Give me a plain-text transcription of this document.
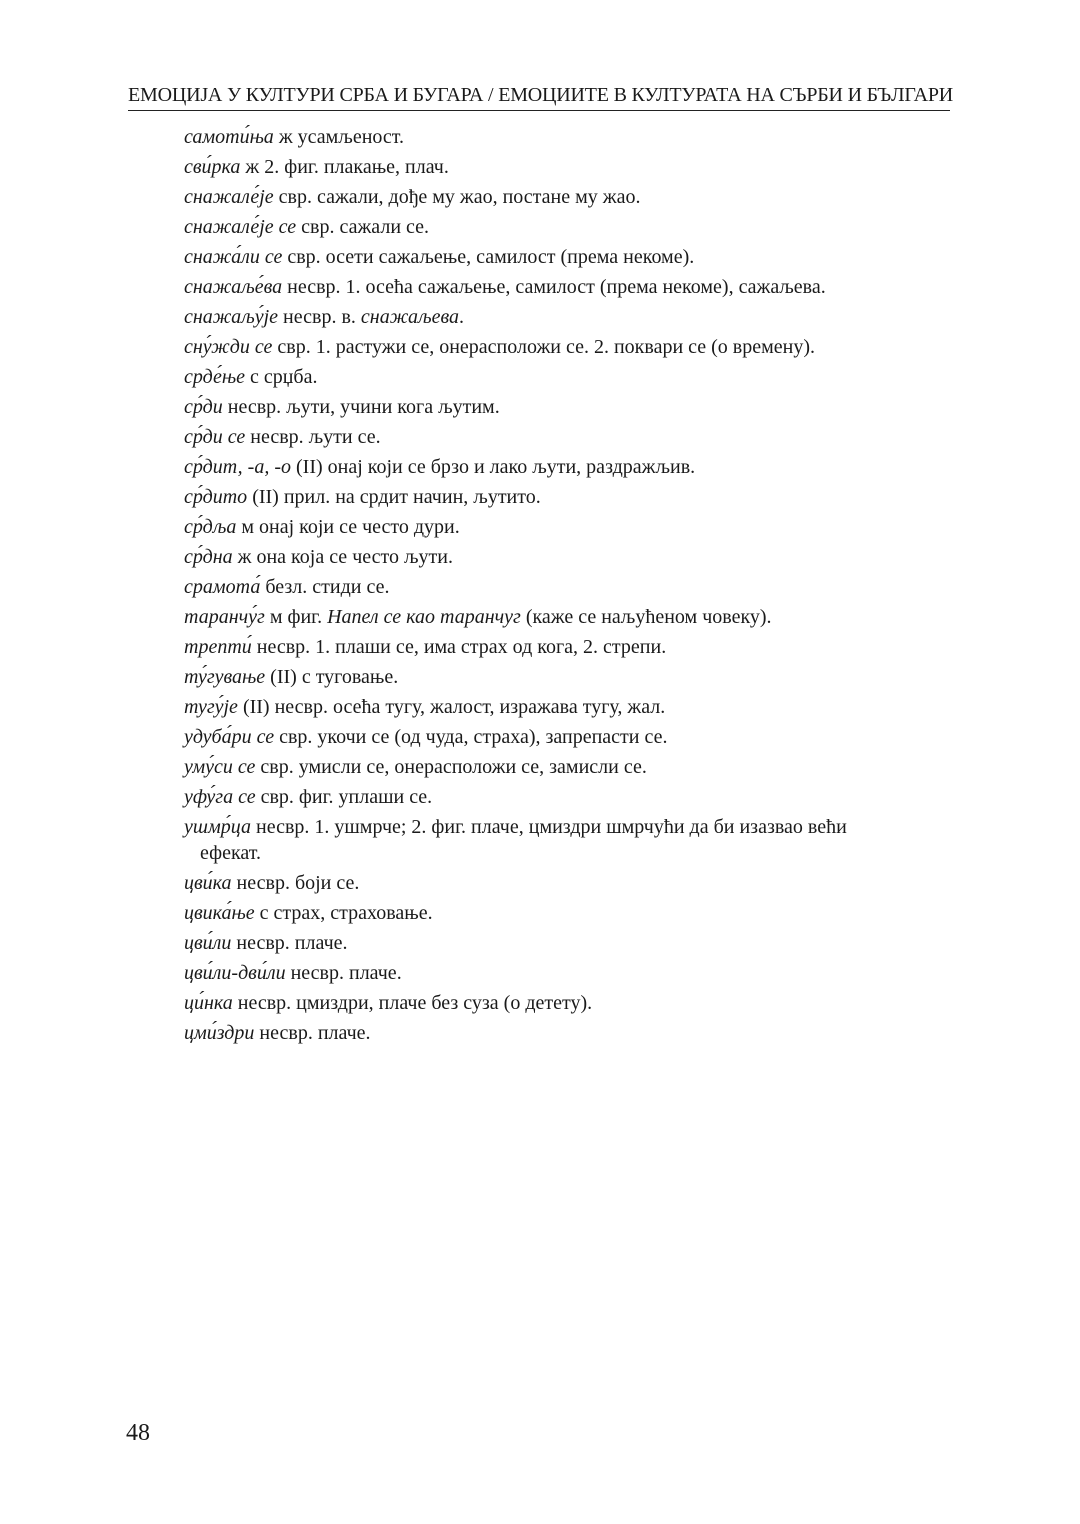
ЕМОЦИЈА У КУЛТУРИ СРБА И БУГАРА / ЕМОЦИИТЕ В КУЛТУРАТА НА СЪРБИ И БЪЛГАРИ

самоти́ња ж усамљеност.

сви́рка ж 2. фиг. плакање, плач.

снажале́је свр. сажали, дође му жао, постане му жао.

снажале́је се свр. сажали се.

снажа́ли се свр. осети сажаљење, самилост (према некоме).

снажаље́ва несвр. 1. осећа сажаљење, самилост (према некоме), сажаљева.

снажаљу́је несвр. в. снажаљева.

сну́жди се свр. 1. растужи се, онерасположи се. 2. поквари се (о времену).

срде́ње с срџба.

ср́ди несвр. љути, учини кога љутим.

ср́ди се несвр. љути се.

ср́дит, -а, -о (II) онај који се брзо и лако љути, раздражљив.

ср́дито (II) прил. на срдит начин, љутито.

ср́дља м онај који се често дури.

ср́дна ж она која се често љути.

срамота́ безл. стиди се.

таранчу́г м фиг. Напел се као таранчуг (каже се наљућеном човеку).

трепти́ несвр. 1. плаши се, има страх од кога, 2. стрепи.

ту́гување (II) с туговање.

тугу́је (II) несвр. осећа тугу, жалост, изражава тугу, жал.

удуба́ри се свр. укочи се (од чуда, страха), запрепасти се.

уму́си се свр. умисли се, онерасположи се, замисли се.

уфу́га се свр. фиг. уплаши се.

ушмр́ца несвр. 1. ушмрче; 2. фиг. плаче, цмиздри шмрчући да би изазвао већи
ефекат.

цви́ка несвр. боји се.

цвика́ње с страх, страховање.

цви́ли несвр. плаче.

цви́ли-дви́ли несвр. плаче.

ци́нка несвр. цмиздри, плаче без суза (о детету).

цми́здри несвр. плаче.

48
